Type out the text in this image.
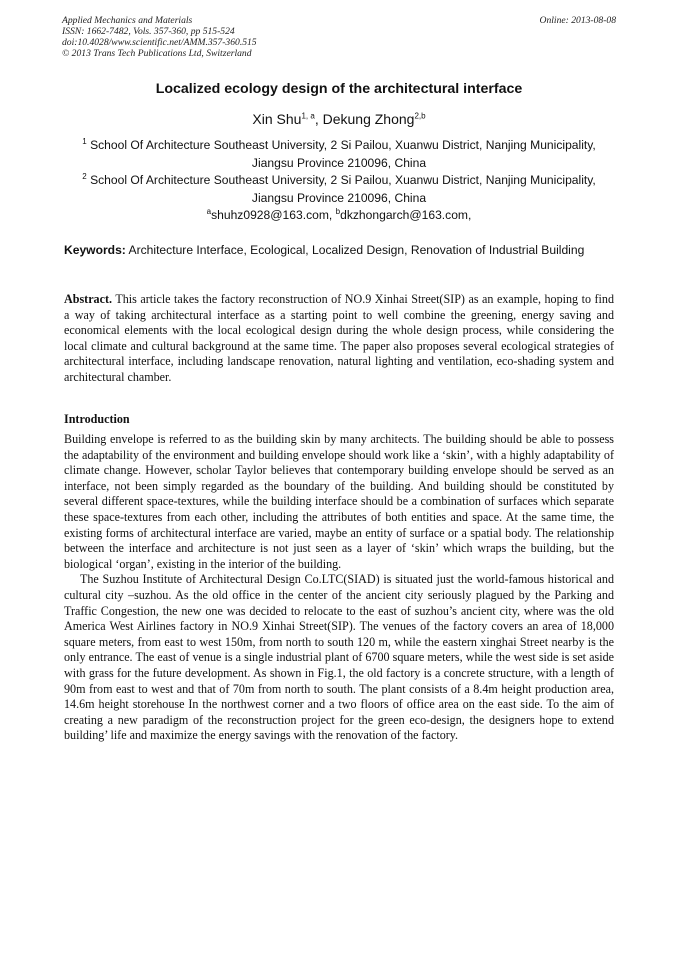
Applied Mechanics and Materials
ISSN: 1662-7482, Vols. 357-360, pp 515-524
doi:10.4028/www.scientific.net/AMM.357-360.515
© 2013 Trans Tech Publications Ltd, Switzerland
Online: 2013-08-08
Localized ecology design of the architectural interface
Xin Shu$^{1, a}$, Dekung Zhong$^{2,b}$
$^1$ School Of Architecture Southeast University, 2 Si Pailou, Xuanwu District, Nanjing Municipality,
Jiangsu Province 210096, China
$^2$ School Of Architecture Southeast University, 2 Si Pailou, Xuanwu District, Nanjing Municipality,
Jiangsu Province 210096, China
$^a$shuhz0928@163.com, $^b$dkzhongarch@163.com,
Keywords: Architecture Interface, Ecological, Localized Design, Renovation of Industrial Building
Abstract. This article takes the factory reconstruction of NO.9 Xinhai Street(SIP) as an example, hoping to find a way of taking architectural interface as a starting point to well combine the greening, energy saving and economical elements with the local ecological design during the whole design process, while considering the local climate and cultural background at the same time. The paper also proposes several ecological strategies of architectural interface, including landscape renovation, natural lighting and ventilation, eco-shading system and architectural chamber.
Introduction

Building envelope is referred to as the building skin by many architects. The building should be able to possess the adaptability of the environment and building envelope should work like a ‘skin’, with a highly adaptability of climate change. However, scholar Taylor believes that contemporary building envelope should be served as an interface, not been simply regarded as the boundary of the building. And building should be constituted by several different space-textures, while the building interface should be a combination of surfaces which separate these space-textures from each other, including the attributes of both entities and space. At the same time, the existing forms of architectural interface are varied, maybe an entity of surface or a spatial body. The relationship between the interface and architecture is not just seen as a layer of ‘skin’ which wraps the building, but the biological ‘organ’, existing in the interior of the building.

The Suzhou Institute of Architectural Design Co.LTC(SIAD) is situated just the world-famous historical and cultural city –suzhou. As the old office in the center of the ancient city seriously plagued by the Parking and Traffic Congestion, the new one was decided to relocate to the east of suzhou’s ancient city, where was the old America West Airlines factory in NO.9 Xinhai Street(SIP). The venues of the factory covers an area of 18,000 square meters, from east to west 150m, from north to south 120 m, while the eastern xinghai Street nearby is the only entrance. The east of venue is a single industrial plant of 6700 square meters, while the west side is set aside with grass for the future development. As shown in Fig.1, the old factory is a concrete structure, with a length of 90m from east to west and that of 70m from north to south. The plant consists of a 8.4m height production area, 14.6m height storehouse In the northwest corner and a two floors of office area on the east side. To the aim of creating a new paradigm of the reconstruction project for the green eco-design, the designers hope to extend building’ life and maximize the energy savings with the renovation of the factory.
